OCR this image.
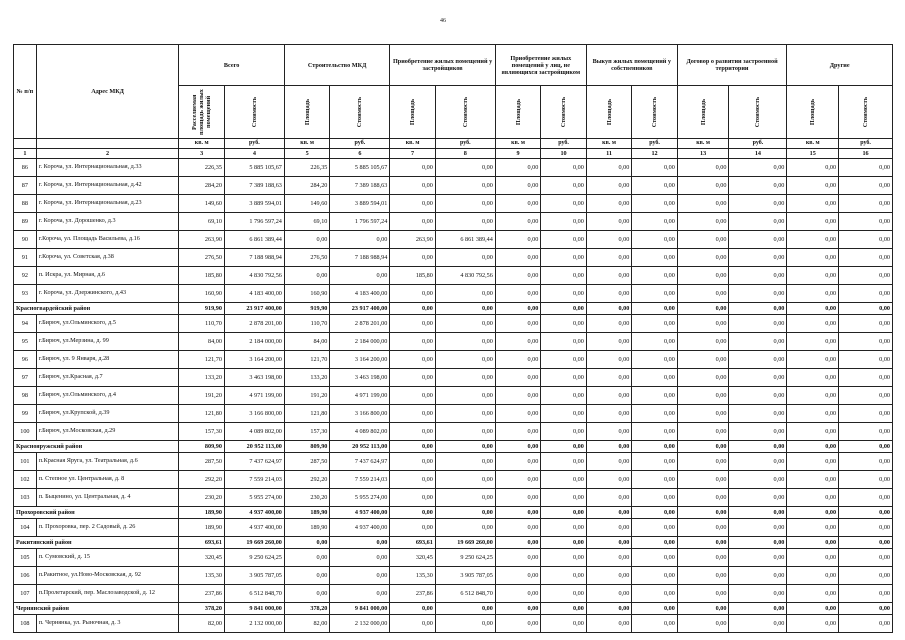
46
№ п/п	Адрес МКД	Всего		Строительство МКД		Приобретение жилых помещений у застройщиков		Приобретение жилых помещений у лиц, не являющихся застройщиком		Выкуп жилых помещений у собственников		Договор о развитии застроенной территории		Другие	

		Расселяемая площадь жилых помещений	Стоимость	Площадь	Стоимость	Площадь	Стоимость	Площадь	Стоимость	Площадь	Стоимость	Площадь	Стоимость	Площадь	Стоимость

		кв. м	руб.	кв. м	руб.	кв. м	руб.	кв. м	руб.	кв. м	руб.	кв. м	руб.	кв. м	руб.
1	2	3	4	5	6	7	8	9	10	11	12	13	14	15	16
86	г. Короча, ул. Интернациональная, д.33	226,35	5 885 105,67	226,35	5 885 105,67	0,00	0,00	0,00	0,00	0,00	0,00	0,00	0,00	0,00	0,00
87	г. Короча, ул. Интернациональная, д.42	284,20	7 389 188,63	284,20	7 389 188,63	0,00	0,00	0,00	0,00	0,00	0,00	0,00	0,00	0,00	0,00
88	г. Короча, ул. Интернациональная, д.23	149,60	3 889 594,01	149,60	3 889 594,01	0,00	0,00	0,00	0,00	0,00	0,00	0,00	0,00	0,00	0,00
89	г. Короча, ул. Дорошенко, д.3	69,10	1 796 597,24	69,10	1 796 597,24	0,00	0,00	0,00	0,00	0,00	0,00	0,00	0,00	0,00	0,00
90	г.Короча, ул. Площадь Васильева, д.16	263,90	6 861 389,44	0,00	0,00	263,90	6 861 389,44	0,00	0,00	0,00	0,00	0,00	0,00	0,00	0,00
91	г.Короча, ул. Советская, д.38	276,50	7 188 988,94	276,50	7 188 988,94	0,00	0,00	0,00	0,00	0,00	0,00	0,00	0,00	0,00	0,00
92	п. Искра, ул. Мирная, д.6	185,80	4 830 792,56	0,00	0,00	185,80	4 830 792,56	0,00	0,00	0,00	0,00	0,00	0,00	0,00	0,00
93	г. Короча, ул. Дзержинского, д.43	160,90	4 183 400,00	160,90	4 183 400,00	0,00	0,00	0,00	0,00	0,00	0,00	0,00	0,00	0,00	0,00
Красногвардейский район		919,90	23 917 400,00	919,90	23 917 400,00	0,00	0,00	0,00	0,00	0,00	0,00	0,00	0,00	0,00	0,00
94	г.Бирюч, ул.Ольминского, д.5	110,70	2 878 201,00	110,70	2 878 201,00	0,00	0,00	0,00	0,00	0,00	0,00	0,00	0,00	0,00	0,00
95	г.Бирюч, ул.Мерзина, д. 99	84,00	2 184 000,00	84,00	2 184 000,00	0,00	0,00	0,00	0,00	0,00	0,00	0,00	0,00	0,00	0,00
96	г.Бирюч, ул. 9 Января, д.28	121,70	3 164 200,00	121,70	3 164 200,00	0,00	0,00	0,00	0,00	0,00	0,00	0,00	0,00	0,00	0,00
97	г.Бирюч, ул.Красная, д.7	133,20	3 463 198,00	133,20	3 463 198,00	0,00	0,00	0,00	0,00	0,00	0,00	0,00	0,00	0,00	0,00
98	г.Бирюч, ул.Ольминского, д.4	191,20	4 971 199,00	191,20	4 971 199,00	0,00	0,00	0,00	0,00	0,00	0,00	0,00	0,00	0,00	0,00
99	г.Бирюч, ул.Крупской, д.39	121,80	3 166 800,00	121,80	3 166 800,00	0,00	0,00	0,00	0,00	0,00	0,00	0,00	0,00	0,00	0,00
100	г.Бирюч, ул.Московская, д.29	157,30	4 089 802,00	157,30	4 089 802,00	0,00	0,00	0,00	0,00	0,00	0,00	0,00	0,00	0,00	0,00
Краснояружский район		809,90	20 952 113,00	809,90	20 952 113,00	0,00	0,00	0,00	0,00	0,00	0,00	0,00	0,00	0,00	0,00
101	п.Красная Яруга, ул. Театральная, д.6	287,50	7 437 624,97	287,50	7 437 624,97	0,00	0,00	0,00	0,00	0,00	0,00	0,00	0,00	0,00	0,00
102	п. Степное ул. Центральная, д. 8	292,20	7 559 214,03	292,20	7 559 214,03	0,00	0,00	0,00	0,00	0,00	0,00	0,00	0,00	0,00	0,00
103	п. Быценино, ул. Центральная, д. 4	230,20	5 955 274,00	230,20	5 955 274,00	0,00	0,00	0,00	0,00	0,00	0,00	0,00	0,00	0,00	0,00
Прохоровский район		189,90	4 937 400,00	189,90	4 937 400,00	0,00	0,00	0,00	0,00	0,00	0,00	0,00	0,00	0,00	0,00
104	п. Прохоровка, пер. 2 Садовый, д. 26	189,90	4 937 400,00	189,90	4 937 400,00	0,00	0,00	0,00	0,00	0,00	0,00	0,00	0,00	0,00	0,00
Ракитянский район		693,61	19 669 260,00	0,00	0,00	693,61	19 669 260,00	0,00	0,00	0,00	0,00	0,00	0,00	0,00	0,00
105	п. Сумовский, д. 15	320,45	9 250 624,25	0,00	0,00	320,45	9 250 624,25	0,00	0,00	0,00	0,00	0,00	0,00	0,00	0,00
106	п.Ракитное, ул.Ново-Московская, д. 92	135,30	3 905 787,05	0,00	0,00	135,30	3 905 787,05	0,00	0,00	0,00	0,00	0,00	0,00	0,00	0,00
107	п.Пролетарский, пер. Маслозаводской, д. 12	237,86	6 512 848,70	0,00	0,00	237,86	6 512 848,70	0,00	0,00	0,00	0,00	0,00	0,00	0,00	0,00
Чернянский район		378,20	9 841 000,00	378,20	9 841 000,00	0,00	0,00	0,00	0,00	0,00	0,00	0,00	0,00	0,00	0,00
108	п. Чернянка, ул. Рыночная, д. 3	82,00	2 132 000,00	82,00	2 132 000,00	0,00	0,00	0,00	0,00	0,00	0,00	0,00	0,00	0,00	0,00
